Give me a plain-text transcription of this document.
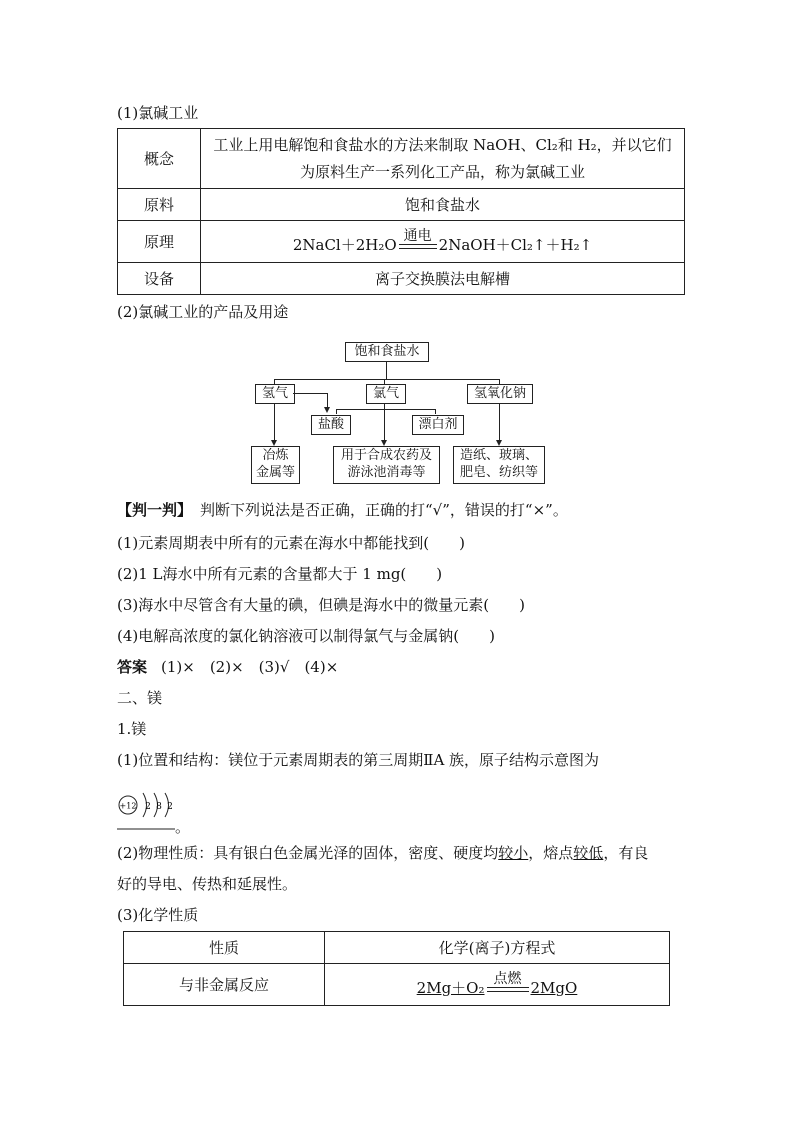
(1)氯碱工业
概念	工业上用电解饱和食盐水的方法来制取 NaOH、Cl₂和 H₂，并以它们
为原料生产一系列化工产品，称为氯碱工业

原料	饱和食盐水
原理	2NaCl＋2H₂O 通电 2NaOH＋Cl₂↑＋H₂↑
设备	离子交换膜法电解槽
(2)氯碱工业的产品及用途
饱和食盐水
氢气	氯气	氢氧化钠
盐酸	漂白剂
冶炼
金属等
用于合成农药及
游泳池消毒等
造纸、玻璃、
肥皂、纺织等
【判一判】 判断下列说法是否正确，正确的打“√”，错误的打“×”。
(1)元素周期表中所有的元素在海水中都能找到(　　)
(2)1 L海水中所有元素的含量都大于 1 mg(　　)
(3)海水中尽管含有大量的碘，但碘是海水中的微量元素(　　)
(4)电解高浓度的氯化钠溶液可以制得氯气与金属钠(　　)
答案 (1)×　(2)×　(3)√　(4)×
二、镁
1.镁
(1)位置和结构：镁位于元素周期表的第三周期ⅡA 族，原子结构示意图为
+12 2 8 2
。
(2)物理性质：具有银白色金属光泽的固体，密度、硬度均较小，熔点较低，有良
好的导电、传热和延展性。
(3)化学性质
性质	化学(离子)方程式
与非金属反应	2Mg＋O₂ 点燃 2MgO
